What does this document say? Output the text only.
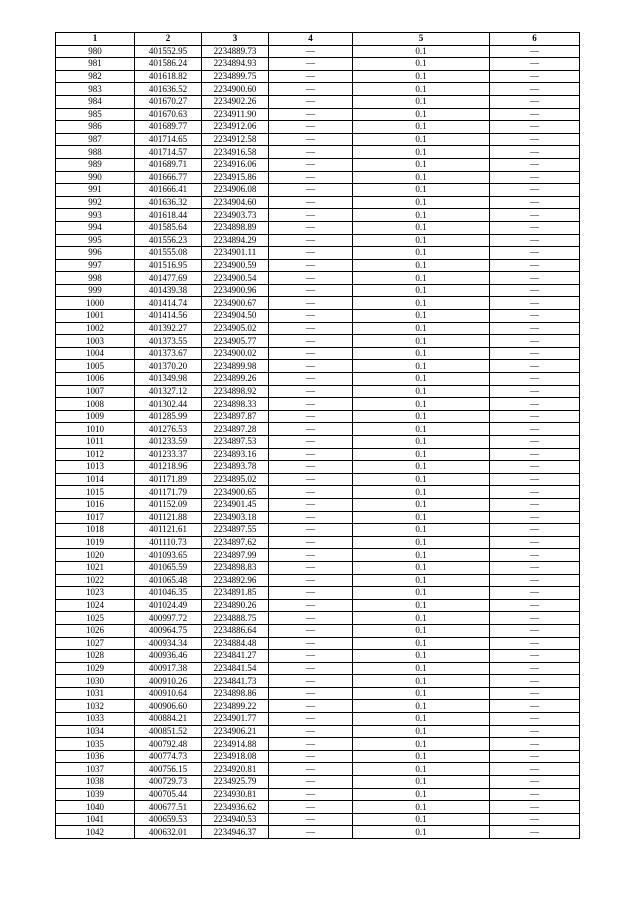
1	2	3	4	5	6
980	401552.95	2234889.73	—	0.1	—
981	401586.24	2234894.93	—	0.1	—
982	401618.82	2234899.75	—	0.1	—
983	401636.52	2234900.60	—	0.1	—
984	401670.27	2234902.26	—	0.1	—
985	401670.63	2234911.90	—	0.1	—
986	401689.77	2234912.06	—	0.1	—
987	401714.65	2234912.58	—	0.1	—
988	401714.57	2234916.58	—	0.1	—
989	401689.71	2234916.06	—	0.1	—
990	401666.77	2234915.86	—	0.1	—
991	401666.41	2234906.08	—	0.1	—
992	401636.32	2234904.60	—	0.1	—
993	401618.44	2234903.73	—	0.1	—
994	401585.64	2234898.89	—	0.1	—
995	401556.23	2234894.29	—	0.1	—
996	401555.08	2234901.11	—	0.1	—
997	401516.95	2234900.59	—	0.1	—
998	401477.69	2234900.54	—	0.1	—
999	401439.38	2234900.96	—	0.1	—
1000	401414.74	2234900.67	—	0.1	—
1001	401414.56	2234904.50	—	0.1	—
1002	401392.27	2234905.02	—	0.1	—
1003	401373.55	2234905.77	—	0.1	—
1004	401373.67	2234900.02	—	0.1	—
1005	401370.20	2234899.98	—	0.1	—
1006	401349.98	2234899.26	—	0.1	—
1007	401327.12	2234898.92	—	0.1	—
1008	401302.44	2234898.33	—	0.1	—
1009	401285.99	2234897.87	—	0.1	—
1010	401276.53	2234897.28	—	0.1	—
1011	401233.59	2234897.53	—	0.1	—
1012	401233.37	2234893.16	—	0.1	—
1013	401218.96	2234893.78	—	0.1	—
1014	401171.89	2234895.02	—	0.1	—
1015	401171.79	2234900.65	—	0.1	—
1016	401152.09	2234901.45	—	0.1	—
1017	401121.88	2234903.18	—	0.1	—
1018	401121.61	2234897.55	—	0.1	—
1019	401110.73	2234897.62	—	0.1	—
1020	401093.65	2234897.99	—	0.1	—
1021	401065.59	2234898.83	—	0.1	—
1022	401065.48	2234892.96	—	0.1	—
1023	401046.35	2234891.85	—	0.1	—
1024	401024.49	2234890.26	—	0.1	—
1025	400997.72	2234888.75	—	0.1	—
1026	400964.75	2234886.64	—	0.1	—
1027	400934.34	2234884.48	—	0.1	—
1028	400936.46	2234841.27	—	0.1	—
1029	400917.38	2234841.54	—	0.1	—
1030	400910.26	2234841.73	—	0.1	—
1031	400910.64	2234898.86	—	0.1	—
1032	400906.60	2234899.22	—	0.1	—
1033	400884.21	2234901.77	—	0.1	—
1034	400851.52	2234906.21	—	0.1	—
1035	400792.48	2234914.88	—	0.1	—
1036	400774.73	2234918.08	—	0.1	—
1037	400756.15	2234920.81	—	0.1	—
1038	400729.73	2234925.79	—	0.1	—
1039	400705.44	2234930.81	—	0.1	—
1040	400677.51	2234936.62	—	0.1	—
1041	400659.53	2234940.53	—	0.1	—
1042	400632.01	2234946.37	—	0.1	—
